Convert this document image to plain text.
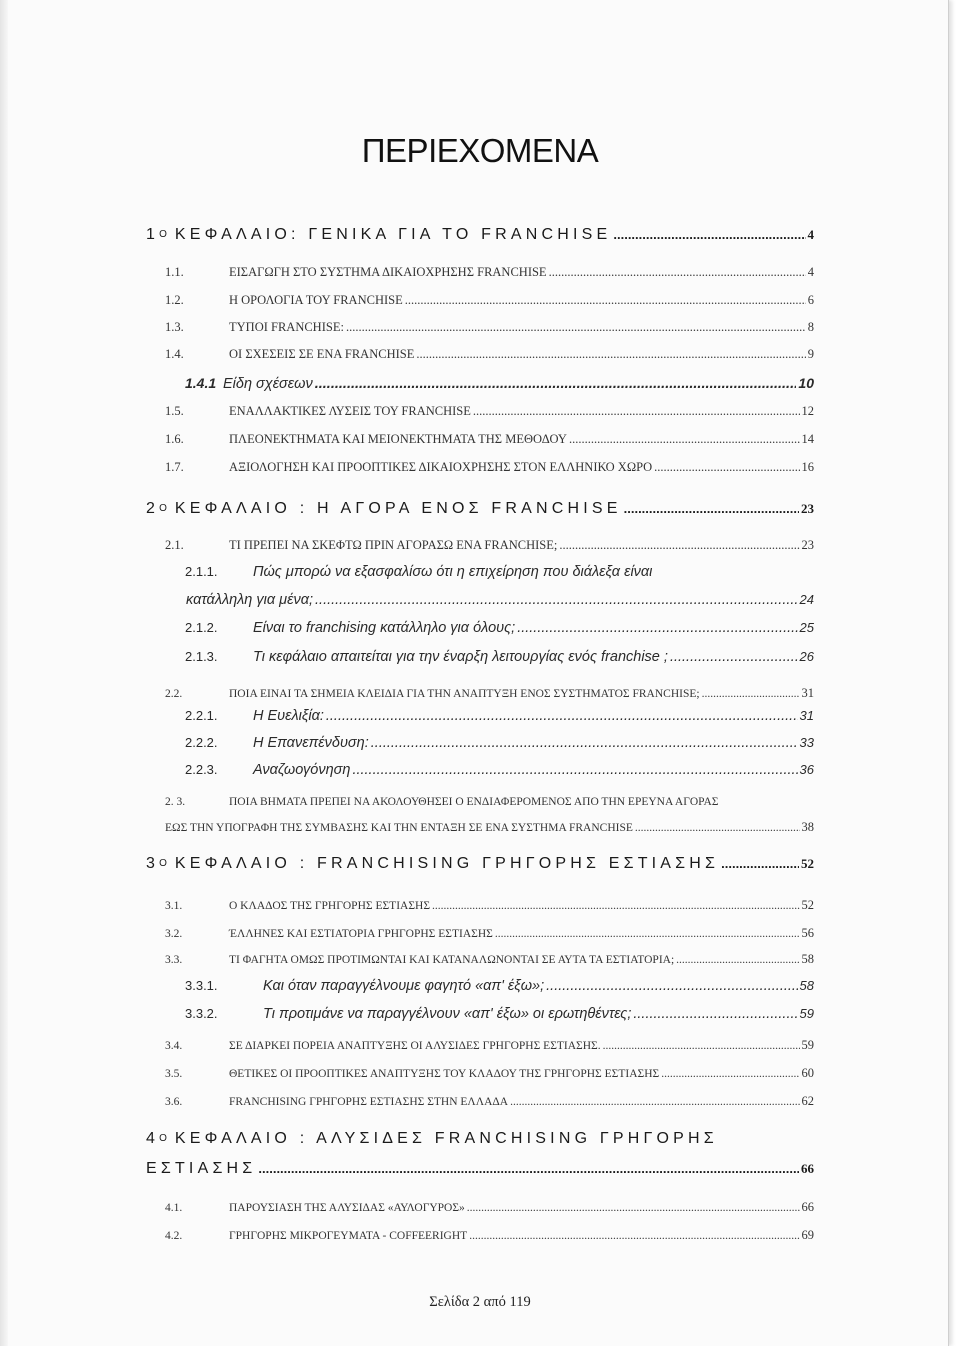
ΠΕΡΙΕΧΟΜΕΝΑ
1 O ΚΕΦΑΛΑΙΟ: ΓΕΝΙΚΑ ΓΙΑ ΤΟ FRANCHISE .....	4
1.1.	ΕΙΣΑΓΩΓΗ ΣΤΟ ΣΥΣΤΗΜΑ ΔΙΚΑΙΟΧΡΗΣΗΣ FRANCHISE .....	4
1.2.	Η ΟΡΟΛΟΓΙΑ ΤΟΥ FRANCHISE .....	6
1.3.	ΤΥΠΟΙ FRANCHISE: .....	8
1.4.	ΟΙ ΣΧΕΣΕΙΣ ΣΕ ΕΝΑ FRANCHISE .....	9
1.4.1 Είδη σχέσεων .....	10
1.5.	ΕΝΑΛΛΑΚΤΙΚΕΣ ΛΥΣΕΙΣ ΤΟΥ FRANCHISE .....	12
1.6.	ΠΛΕΟΝΕΚΤΗΜΑΤΑ ΚΑΙ ΜΕΙΟΝΕΚΤΗΜΑΤΑ ΤΗΣ ΜΕΘΟΔΟΥ .....	14
1.7.	ΑΞΙΟΛΟΓΗΣΗ ΚΑΙ ΠΡΟΟΠΤΙΚΕΣ ΔΙΚΑΙΟΧΡΗΣΗΣ ΣΤΟΝ ΕΛΛΗΝΙΚΟ ΧΩΡΟ .....	16
2 O ΚΕΦΑΛΑΙΟ : Η ΑΓΟΡΑ ΕΝΟΣ FRANCHISE .....	23
2.1.	ΤΙ ΠΡΕΠΕΙ ΝΑ ΣΚΕΦΤΩ ΠΡΙΝ ΑΓΟΡΑΣΩ ΕΝΑ FRANCHISE; .....	23
2.1.1.	Πώς μπορώ να εξασφαλίσω ότι η επιχείρηση που διάλεξα είναι
κατάλληλη για μένα; .....	24
2.1.2.	Είναι το franchising κατάλληλο για όλους; .....	25
2.1.3.	Τι κεφάλαιο απαιτείται για την έναρξη λειτουργίας ενός franchise ; .....	26
2.2.	ΠΟΙΑ ΕΙΝΑΙ ΤΑ ΣΗΜΕΙΑ ΚΛΕΙΔΙΑ ΓΙΑ ΤΗΝ ΑΝΑΠΤΥΞΗ ΕΝΟΣ ΣΥΣΤΗΜΑΤΟΣ FRANCHISE; .....	31
2.2.1.	Η Ευελιξία: .....	31
2.2.2.	Η Επανεπένδυση: .....	33
2.2.3.	Αναζωογόνηση .....	36
2. 3.	ΠΟΙΑ ΒΗΜΑΤΑ ΠΡΕΠΕΙ ΝΑ ΑΚΟΛΟΥΘΗΣΕΙ Ο ΕΝΔΙΑΦΕΡΟΜΕΝΟΣ ΑΠΟ ΤΗΝ ΕΡΕΥΝΑ ΑΓΟΡΑΣ
ΕΩΣ ΤΗΝ ΥΠΟΓΡΑΦΗ ΤΗΣ ΣΥΜΒΑΣΗΣ ΚΑΙ ΤΗΝ ΕΝΤΑΞΗ ΣΕ ΕΝΑ ΣΥΣΤΗΜΑ FRANCHISE .....	38
3 O ΚΕΦΑΛΑΙΟ : FRANCHISING ΓΡΗΓΟΡΗΣ ΕΣΤΙΑΣΗΣ .....	52
3.1.	Ο ΚΛΑΔΟΣ ΤΗΣ ΓΡΗΓΟΡΗΣ ΕΣΤΙΑΣΗΣ .....	52
3.2.	ΈΛΛΗΝΕΣ ΚΑΙ ΕΣΤΙΑΤΟΡΙΑ ΓΡΗΓΟΡΗΣ ΕΣΤΙΑΣΗΣ .....	56
3.3.	ΤΙ ΦΑΓΗΤΑ ΟΜΩΣ ΠΡΟΤΙΜΩΝΤΑΙ ΚΑΙ ΚΑΤΑΝΑΛΩΝΟΝΤΑΙ ΣΕ ΑΥΤΑ ΤΑ ΕΣΤΙΑΤΟΡΙΑ; .....	58
3.3.1.	Και όταν παραγγέλνουμε φαγητό «απ' έξω»; .....	58
3.3.2.	Τι προτιμάνε να παραγγέλνουν «απ' έξω» οι ερωτηθέντες; .....	59
3.4.	ΣΕ ΔΙΑΡΚΕΙ ΠΟΡΕΙΑ ΑΝΑΠΤΥΞΗΣ ΟΙ ΑΛΥΣΙΔΕΣ ΓΡΗΓΟΡΗΣ ΕΣΤΙΑΣΗΣ. .....	59
3.5.	ΘΕΤΙΚΕΣ ΟΙ ΠΡΟΟΠΤΙΚΕΣ ΑΝΑΠΤΥΞΗΣ ΤΟΥ ΚΛΑΔΟΥ ΤΗΣ ΓΡΗΓΟΡΗΣ ΕΣΤΙΑΣΗΣ .....	60
3.6.	FRANCHISING ΓΡΗΓΟΡΗΣ ΕΣΤΙΑΣΗΣ ΣΤΗΝ ΕΛΛΑΔΑ .....	62
4 O ΚΕΦΑΛΑΙΟ : ΑΛΥΣΙΔΕΣ FRANCHISING ΓΡΗΓΟΡΗΣ
ΕΣΤΙΑΣΗΣ .....	66
4.1.	ΠΑΡΟΥΣΙΑΣΗ ΤΗΣ ΑΛΥΣΙΔΑΣ «ΑΥΛΟΓΥΡΟΣ» .....	66
4.2.	ΓΡΗΓΟΡΗΣ ΜΙΚΡΟΓΕΥΜΑΤΑ - COFFEERIGHT .....	69
Σελίδα 2 από 119
